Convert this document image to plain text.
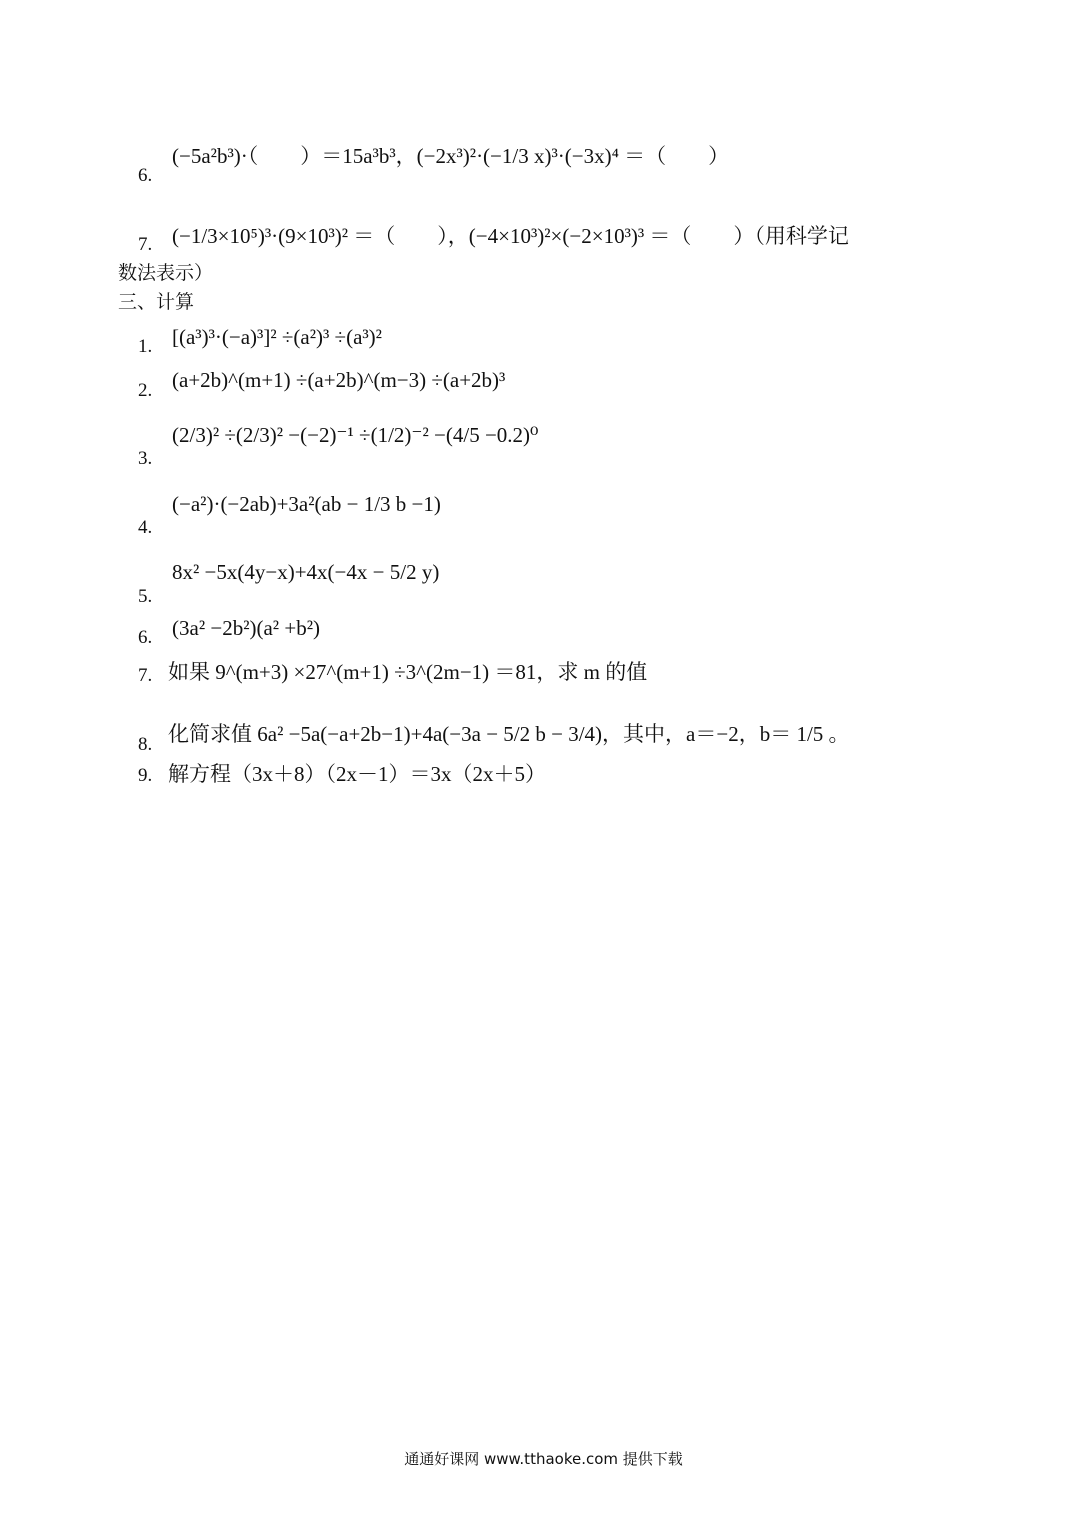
6.
(−5a²b³)·（　　）＝15a³b³，(−2x³)²·(−1/3 x)³·(−3x)⁴ ＝（　　）
7. (−1/3×10⁵)³·(9×10³)² ＝（　　），(−4×10³)²×(−2×10³)³ ＝（　　）（用科学记
数法表示）
三、计算
1. [(a³)³·(−a)³]² ÷(a²)³ ÷(a³)²
2. (a+2b)^(m+1) ÷(a+2b)^(m−3) ÷(a+2b)³
3.
(2/3)² ÷(2/3)² −(−2)⁻¹ ÷(1/2)⁻² −(4/5 −0.2)⁰
4.
(−a²)·(−2ab)+3a²(ab − 1/3 b −1)
5.
8x² −5x(4y−x)+4x(−4x − 5/2 y)
6. (3a² −2b²)(a² +b²)
7. 如果 9^(m+3) ×27^(m+1) ÷3^(2m−1) ＝81，求 m 的值
8. 化简求值 6a² −5a(−a+2b−1)+4a(−3a − 5/2 b − 3/4)，其中，a＝−2，b＝ 1/5 。
9. 解方程（3x＋8）（2x－1）＝3x（2x＋5）
通通好课网 www.tthaoke.com 提供下载
